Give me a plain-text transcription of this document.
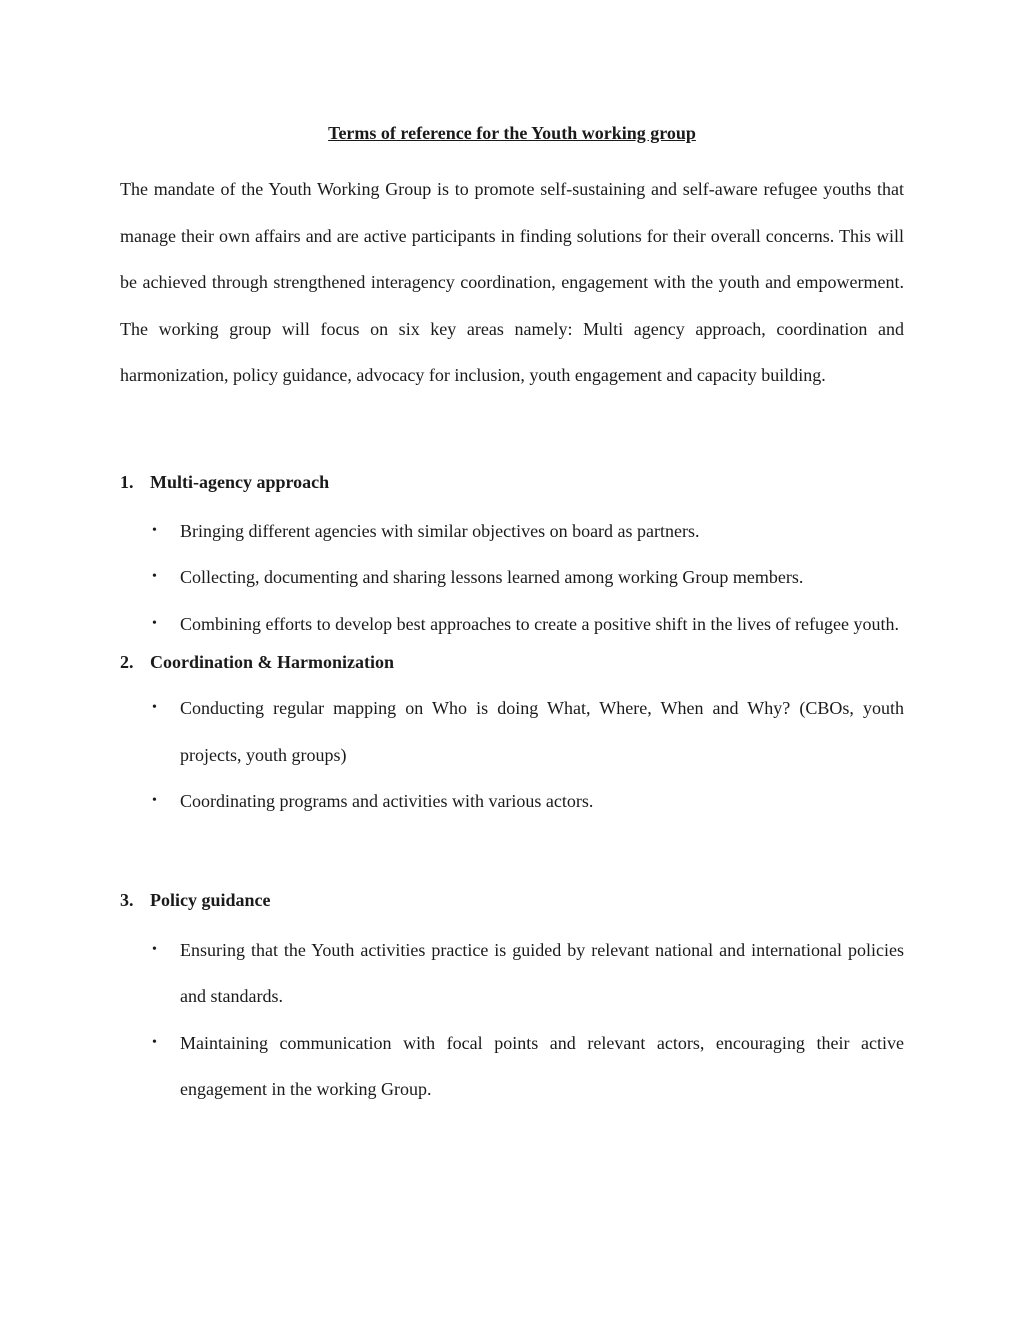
Terms of reference for the Youth working group

The mandate of the Youth Working Group is to promote self-sustaining and self-aware refugee youths that manage their own affairs and are active participants in finding solutions for their overall concerns. This will be achieved through strengthened interagency coordination, engagement with the youth and empowerment. The working group will focus on six key areas namely: Multi agency approach, coordination and harmonization, policy guidance, advocacy for inclusion, youth engagement and capacity building.

1. Multi-agency approach
• Bringing different agencies with similar objectives on board as partners.
• Collecting, documenting and sharing lessons learned among working Group members.
• Combining efforts to develop best approaches to create a positive shift in the lives of refugee youth.
2. Coordination & Harmonization
• Conducting regular mapping on Who is doing What, Where, When and Why? (CBOs, youth projects, youth groups)
• Coordinating programs and activities with various actors.
3. Policy guidance
• Ensuring that the Youth activities practice is guided by relevant national and international policies and standards.
• Maintaining communication with focal points and relevant actors, encouraging their active engagement in the working Group.
